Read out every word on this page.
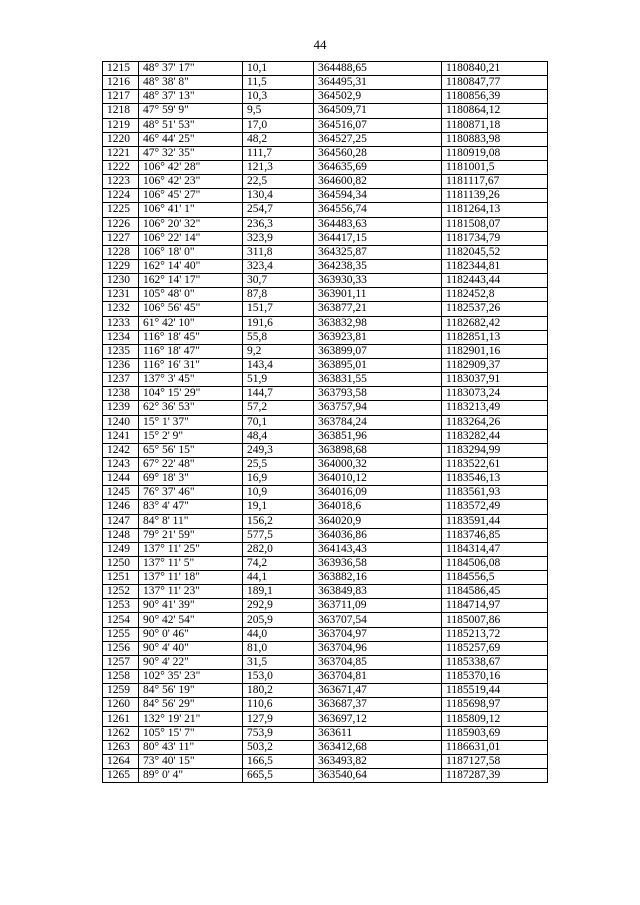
44
1215	48° 37' 17"	10,1	364488,65	1180840,21
1216	48° 38' 8"	11,5	364495,31	1180847,77
1217	48° 37' 13"	10,3	364502,9	1180856,39
1218	47° 59' 9"	9,5	364509,71	1180864,12
1219	48° 51' 53"	17,0	364516,07	1180871,18
1220	46° 44' 25"	48,2	364527,25	1180883,98
1221	47° 32' 35"	111,7	364560,28	1180919,08
1222	106° 42' 28"	121,3	364635,69	1181001,5
1223	106° 42' 23"	22,5	364600,82	1181117,67
1224	106° 45' 27"	130,4	364594,34	1181139,26
1225	106° 41' 1"	254,7	364556,74	1181264,13
1226	106° 20' 32"	236,3	364483,63	1181508,07
1227	106° 22' 14"	323,9	364417,15	1181734,79
1228	106° 18' 0"	311,8	364325,87	1182045,52
1229	162° 14' 40"	323,4	364238,35	1182344,81
1230	162° 14' 17"	30,7	363930,33	1182443,44
1231	105° 48' 0"	87,8	363901,11	1182452,8
1232	106° 56' 45"	151,7	363877,21	1182537,26
1233	61° 42' 10"	191,6	363832,98	1182682,42
1234	116° 18' 45"	55,8	363923,81	1182851,13
1235	116° 18' 47"	9,2	363899,07	1182901,16
1236	116° 16' 31"	143,4	363895,01	1182909,37
1237	137° 3' 45"	51,9	363831,55	1183037,91
1238	104° 15' 29"	144,7	363793,58	1183073,24
1239	62° 36' 53"	57,2	363757,94	1183213,49
1240	15° 1' 37"	70,1	363784,24	1183264,26
1241	15° 2' 9"	48,4	363851,96	1183282,44
1242	65° 56' 15"	249,3	363898,68	1183294,99
1243	67° 22' 48"	25,5	364000,32	1183522,61
1244	69° 18' 3"	16,9	364010,12	1183546,13
1245	76° 37' 46"	10,9	364016,09	1183561,93
1246	83° 4' 47"	19,1	364018,6	1183572,49
1247	84° 8' 11"	156,2	364020,9	1183591,44
1248	79° 21' 59"	577,5	364036,86	1183746,85
1249	137° 11' 25"	282,0	364143,43	1184314,47
1250	137° 11' 5"	74,2	363936,58	1184506,08
1251	137° 11' 18"	44,1	363882,16	1184556,5
1252	137° 11' 23"	189,1	363849,83	1184586,45
1253	90° 41' 39"	292,9	363711,09	1184714,97
1254	90° 42' 54"	205,9	363707,54	1185007,86
1255	90° 0' 46"	44,0	363704,97	1185213,72
1256	90° 4' 40"	81,0	363704,96	1185257,69
1257	90° 4' 22"	31,5	363704,85	1185338,67
1258	102° 35' 23"	153,0	363704,81	1185370,16
1259	84° 56' 19"	180,2	363671,47	1185519,44
1260	84° 56' 29"	110,6	363687,37	1185698,97
1261	132° 19' 21"	127,9	363697,12	1185809,12
1262	105° 15' 7"	753,9	363611	1185903,69
1263	80° 43' 11"	503,2	363412,68	1186631,01
1264	73° 40' 15"	166,5	363493,82	1187127,58
1265	89° 0' 4"	665,5	363540,64	1187287,39
